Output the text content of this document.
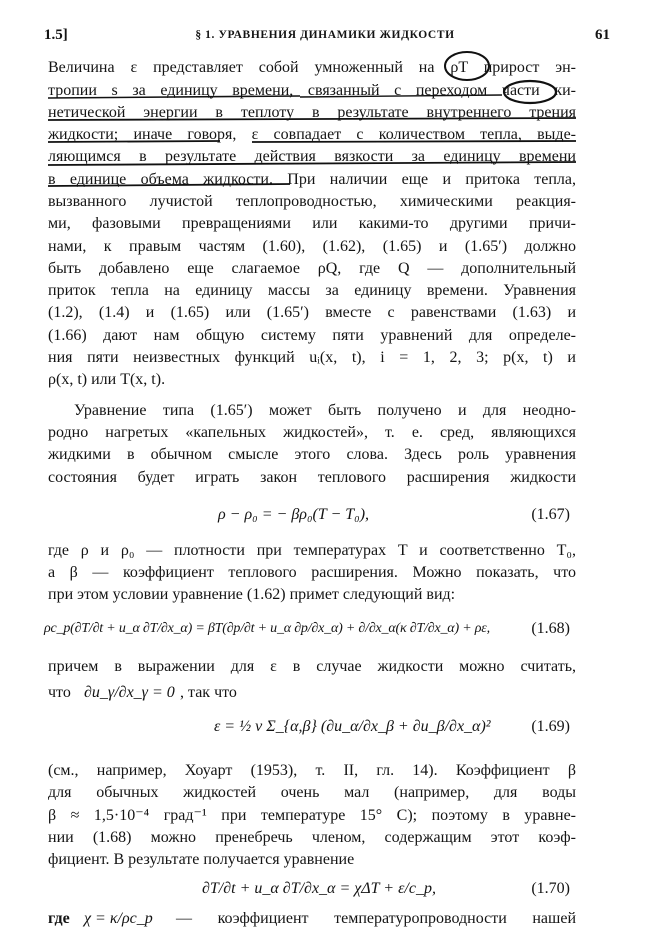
1.5]	§ 1. УРАВНЕНИЯ ДИНАМИКИ ЖИДКОСТИ	61
Величина ε представляет собой умноженный на ρT прирост эн-
тропии s за единицу времени, связанный с переходом части ки-
нетической энергии в теплоту в результате внутреннего трения
жидкости; иначе говоря, ε совпадает с количеством тепла, выде-
ляющимся в результате действия вязкости за единицу времени
в единице объема жидкости. При наличии еще и притока тепла,
вызванного лучистой теплопроводностью, химическими реакция-
ми, фазовыми превращениями или какими-то другими причи-
нами, к правым частям (1.60), (1.62), (1.65) и (1.65′) должно
быть добавлено еще слагаемое ρQ, где Q — дополнительный
приток тепла на единицу массы за единицу времени. Уравнения
(1.2), (1.4) и (1.65) или (1.65′) вместе с равенствами (1.63) и
(1.66) дают нам общую систему пяти уравнений для определе-
ния пяти неизвестных функций uᵢ(x, t), i = 1, 2, 3; p(x, t) и
ρ(x, t) или T(x, t).
Уравнение типа (1.65′) может быть получено и для неодно-
родно нагретых «капельных жидкостей», т. е. сред, являющихся
жидкими в обычном смысле этого слова. Здесь роль уравнения
состояния будет играть закон теплового расширения жидкости
ρ − ρ₀ = − βρ₀(T − T₀),	(1.67)
где ρ и ρ₀ — плотности при температурах T и соответственно T₀,
а β — коэффициент теплового расширения. Можно показать, что
при этом условии уравнение (1.62) примет следующий вид:
ρc_p(∂T/∂t + u_α ∂T/∂x_α) = βT(∂p/∂t + u_α ∂p/∂x_α) + ∂/∂x_α(κ ∂T/∂x_α) + ρε,	(1.68)
причем в выражении для ε в случае жидкости можно считать,
что ∂u_γ/∂x_γ = 0 , так что
ε = ½ ν Σ_{α,β} (∂u_α/∂x_β + ∂u_β/∂x_α)²	(1.69)
(см., например, Хоуарт (1953), т. II, гл. 14). Коэффициент β
для обычных жидкостей очень мал (например, для воды
β ≈ 1,5·10⁻⁴ град⁻¹ при температуре 15° C); поэтому в уравне-
нии (1.68) можно пренебречь членом, содержащим этот коэф-
фициент. В результате получается уравнение
∂T/∂t + u_α ∂T/∂x_α = χΔT + ε/c_p,	(1.70)
где χ = κ/ρc_p — коэффициент температуропроводности нашей
